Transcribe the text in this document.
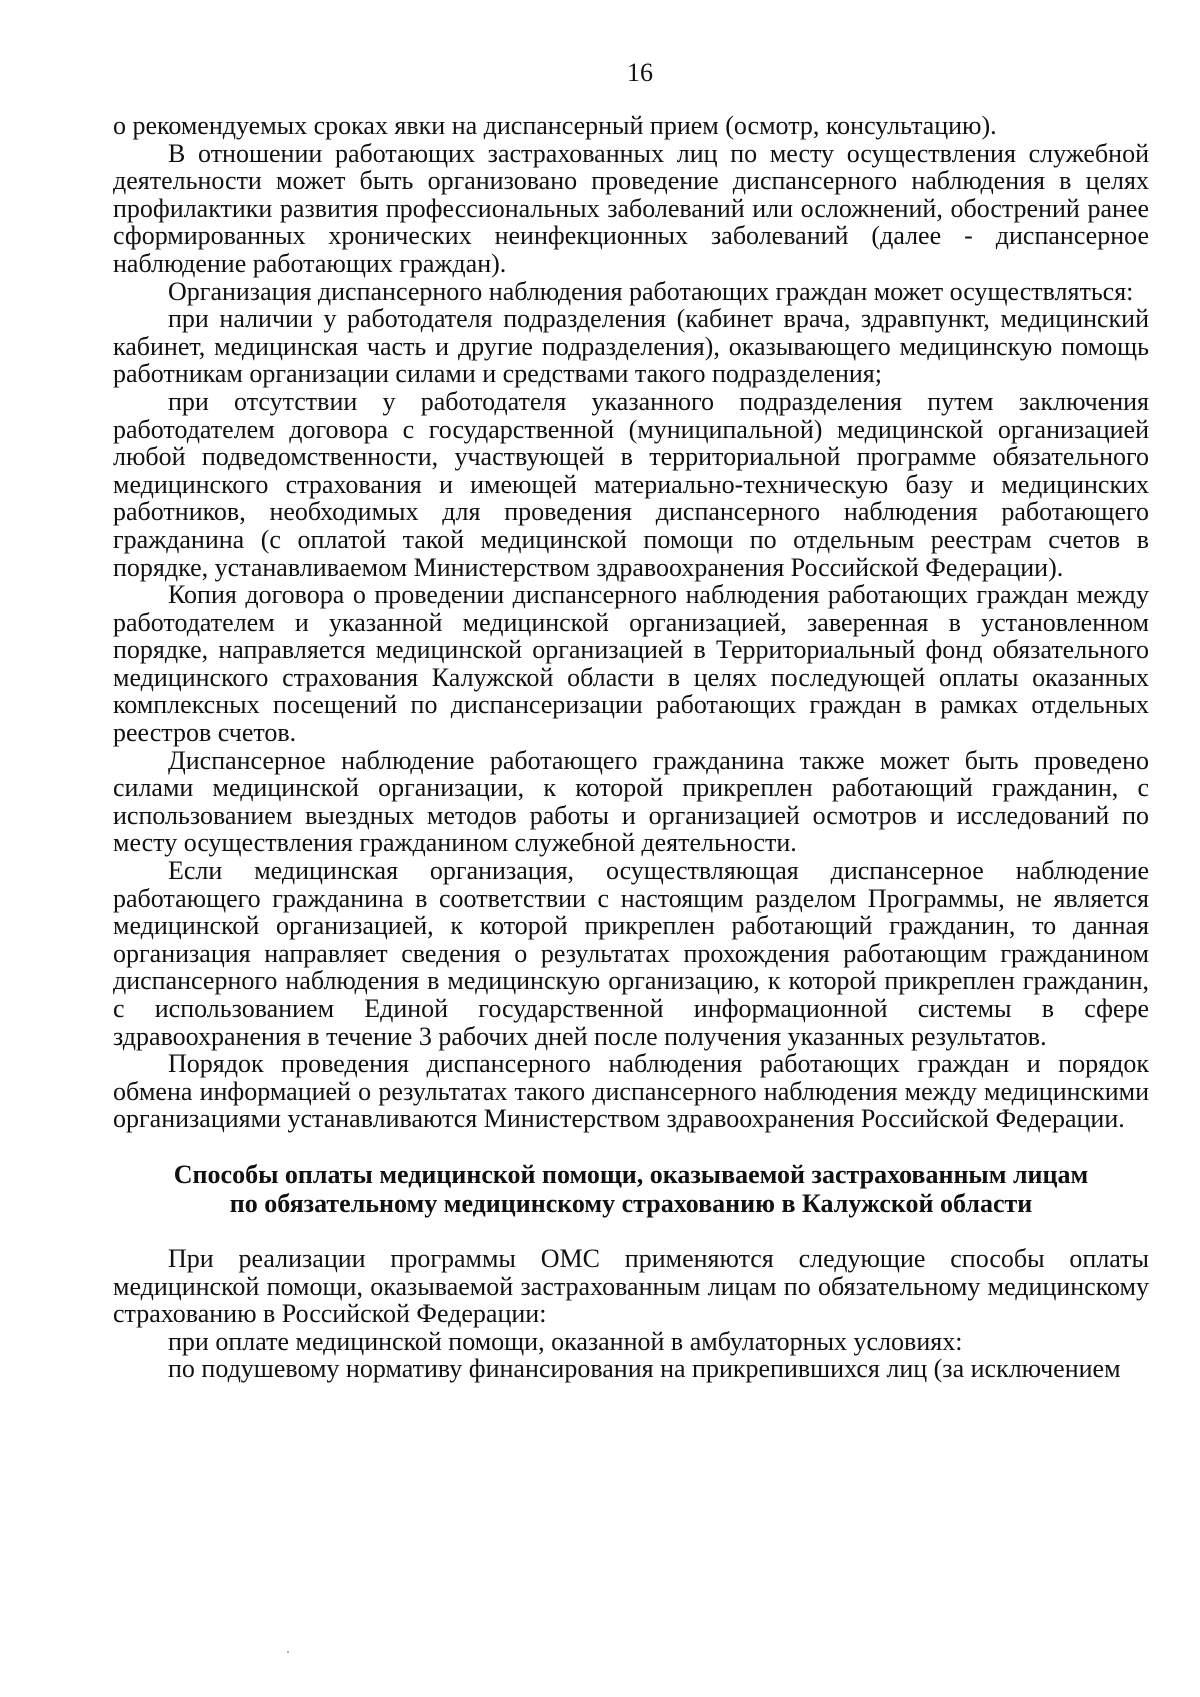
16

о рекомендуемых сроках явки на диспансерный прием (осмотр, консультацию).

В отношении работающих застрахованных лиц по месту осуществления служебной деятельности может быть организовано проведение диспансерного наблюдения в целях профилактики развития профессиональных заболеваний или осложнений, обострений ранее сформированных хронических неинфекционных заболеваний (далее - диспансерное наблюдение работающих граждан).

Организация диспансерного наблюдения работающих граждан может осуществляться:

при наличии у работодателя подразделения (кабинет врача, здравпункт, медицинский кабинет, медицинская часть и другие подразделения), оказывающего медицинскую помощь работникам организации силами и средствами такого подразделения;

при отсутствии у работодателя указанного подразделения путем заключения работодателем договора с государственной (муниципальной) медицинской организацией любой подведомственности, участвующей в территориальной программе обязательного медицинского страхования и имеющей материально-техническую базу и медицинских работников, необходимых для проведения диспансерного наблюдения работающего гражданина (с оплатой такой медицинской помощи по отдельным реестрам счетов в порядке, устанавливаемом Министерством здравоохранения Российской Федерации).

Копия договора о проведении диспансерного наблюдения работающих граждан между работодателем и указанной медицинской организацией, заверенная в установленном порядке, направляется медицинской организацией в Территориальный фонд обязательного медицинского страхования Калужской области в целях последующей оплаты оказанных комплексных посещений по диспансеризации работающих граждан в рамках отдельных реестров счетов.

Диспансерное наблюдение работающего гражданина также может быть проведено силами медицинской организации, к которой прикреплен работающий гражданин, с использованием выездных методов работы и организацией осмотров и исследований по месту осуществления гражданином служебной деятельности.

Если медицинская организация, осуществляющая диспансерное наблюдение работающего гражданина в соответствии с настоящим разделом Программы, не является медицинской организацией, к которой прикреплен работающий гражданин, то данная организация направляет сведения о результатах прохождения работающим гражданином диспансерного наблюдения в медицинскую организацию, к которой прикреплен гражданин, с использованием Единой государственной информационной системы в сфере здравоохранения в течение 3 рабочих дней после получения указанных результатов.

Порядок проведения диспансерного наблюдения работающих граждан и порядок обмена информацией о результатах такого диспансерного наблюдения между медицинскими организациями устанавливаются Министерством здравоохранения Российской Федерации.

Способы оплаты медицинской помощи, оказываемой застрахованным лицам
по обязательному медицинскому страхованию в Калужской области

При реализации программы ОМС применяются следующие способы оплаты медицинской помощи, оказываемой застрахованным лицам по обязательному медицинскому страхованию в Российской Федерации:

при оплате медицинской помощи, оказанной в амбулаторных условиях:

по подушевому нормативу финансирования на прикрепившихся лиц (за исключением
